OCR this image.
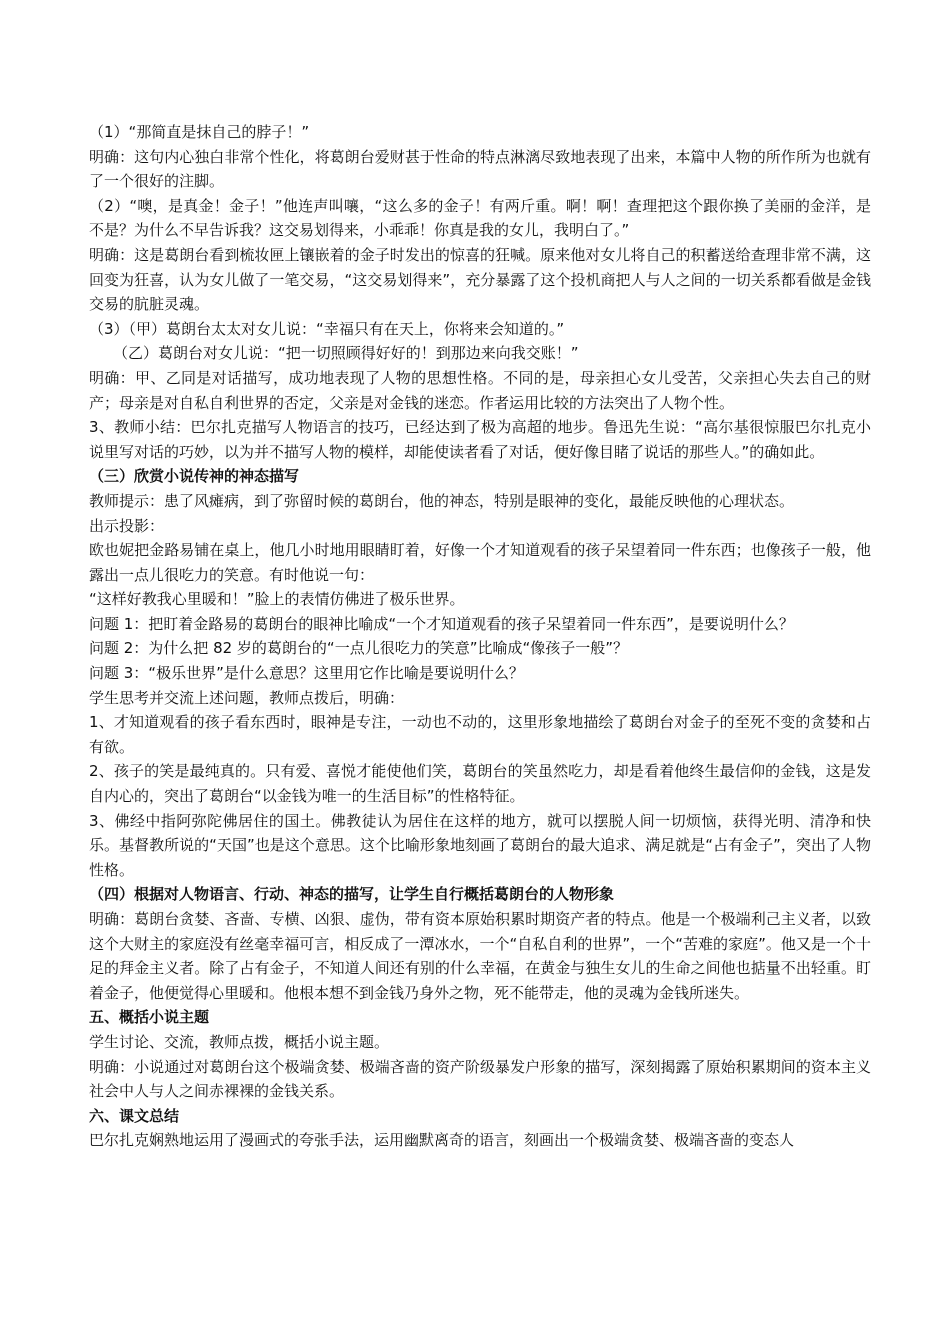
（1）“那简直是抹自己的脖子！”

明确：这句内心独白非常个性化，将葛朗台爱财甚于性命的特点淋漓尽致地表现了出来，本篇中人物的所作所为也就有了一个很好的注脚。

（2）“噢，是真金！金子！”他连声叫嚷，“这么多的金子！有两斤重。啊！啊！查理把这个跟你换了美丽的金洋，是不是？为什么不早告诉我？这交易划得来，小乖乖！你真是我的女儿，我明白了。”

明确：这是葛朗台看到梳妆匣上镶嵌着的金子时发出的惊喜的狂喊。原来他对女儿将自己的积蓄送给查理非常不满，这回变为狂喜，认为女儿做了一笔交易，“这交易划得来”，充分暴露了这个投机商把人与人之间的一切关系都看做是金钱交易的肮脏灵魂。

（3）（甲）葛朗台太太对女儿说：“幸福只有在天上，你将来会知道的。”

（乙）葛朗台对女儿说：“把一切照顾得好好的！到那边来向我交账！”

明确：甲、乙同是对话描写，成功地表现了人物的思想性格。不同的是，母亲担心女儿受苦，父亲担心失去自己的财产；母亲是对自私自利世界的否定，父亲是对金钱的迷恋。作者运用比较的方法突出了人物个性。

3、教师小结：巴尔扎克描写人物语言的技巧，已经达到了极为高超的地步。鲁迅先生说：“高尔基很惊服巴尔扎克小说里写对话的巧妙，以为并不描写人物的模样，却能使读者看了对话，便好像目睹了说话的那些人。”的确如此。

（三）欣赏小说传神的神态描写

教师提示：患了风瘫病，到了弥留时候的葛朗台，他的神态，特别是眼神的变化，最能反映他的心理状态。

出示投影：

欧也妮把金路易铺在桌上，他几小时地用眼睛盯着，好像一个才知道观看的孩子呆望着同一件东西；也像孩子一般，他露出一点儿很吃力的笑意。有时他说一句：

“这样好教我心里暖和！”脸上的表情仿佛进了极乐世界。

问题 1：把盯着金路易的葛朗台的眼神比喻成“一个才知道观看的孩子呆望着同一件东西”，是要说明什么？

问题 2：为什么把 82 岁的葛朗台的“一点儿很吃力的笑意”比喻成“像孩子一般”？

问题 3：“极乐世界”是什么意思？这里用它作比喻是要说明什么？

学生思考并交流上述问题，教师点拨后，明确：

1、才知道观看的孩子看东西时，眼神是专注，一动也不动的，这里形象地描绘了葛朗台对金子的至死不变的贪婪和占有欲。

2、孩子的笑是最纯真的。只有爱、喜悦才能使他们笑，葛朗台的笑虽然吃力，却是看着他终生最信仰的金钱，这是发自内心的，突出了葛朗台“以金钱为唯一的生活目标”的性格特征。

3、佛经中指阿弥陀佛居住的国土。佛教徒认为居住在这样的地方，就可以摆脱人间一切烦恼，获得光明、清净和快乐。基督教所说的“天国”也是这个意思。这个比喻形象地刻画了葛朗台的最大追求、满足就是“占有金子”，突出了人物性格。

（四）根据对人物语言、行动、神态的描写，让学生自行概括葛朗台的人物形象

明确：葛朗台贪婪、吝啬、专横、凶狠、虚伪，带有资本原始积累时期资产者的特点。他是一个极端利己主义者，以致这个大财主的家庭没有丝毫幸福可言，相反成了一潭冰水，一个“自私自利的世界”，一个“苦难的家庭”。他又是一个十足的拜金主义者。除了占有金子，不知道人间还有别的什么幸福，在黄金与独生女儿的生命之间他也掂量不出轻重。盯着金子，他便觉得心里暖和。他根本想不到金钱乃身外之物，死不能带走，他的灵魂为金钱所迷失。

五、概括小说主题

学生讨论、交流，教师点拨，概括小说主题。

明确：小说通过对葛朗台这个极端贪婪、极端吝啬的资产阶级暴发户形象的描写，深刻揭露了原始积累期间的资本主义社会中人与人之间赤裸裸的金钱关系。

六、课文总结

巴尔扎克娴熟地运用了漫画式的夸张手法，运用幽默离奇的语言，刻画出一个极端贪婪、极端吝啬的变态人
